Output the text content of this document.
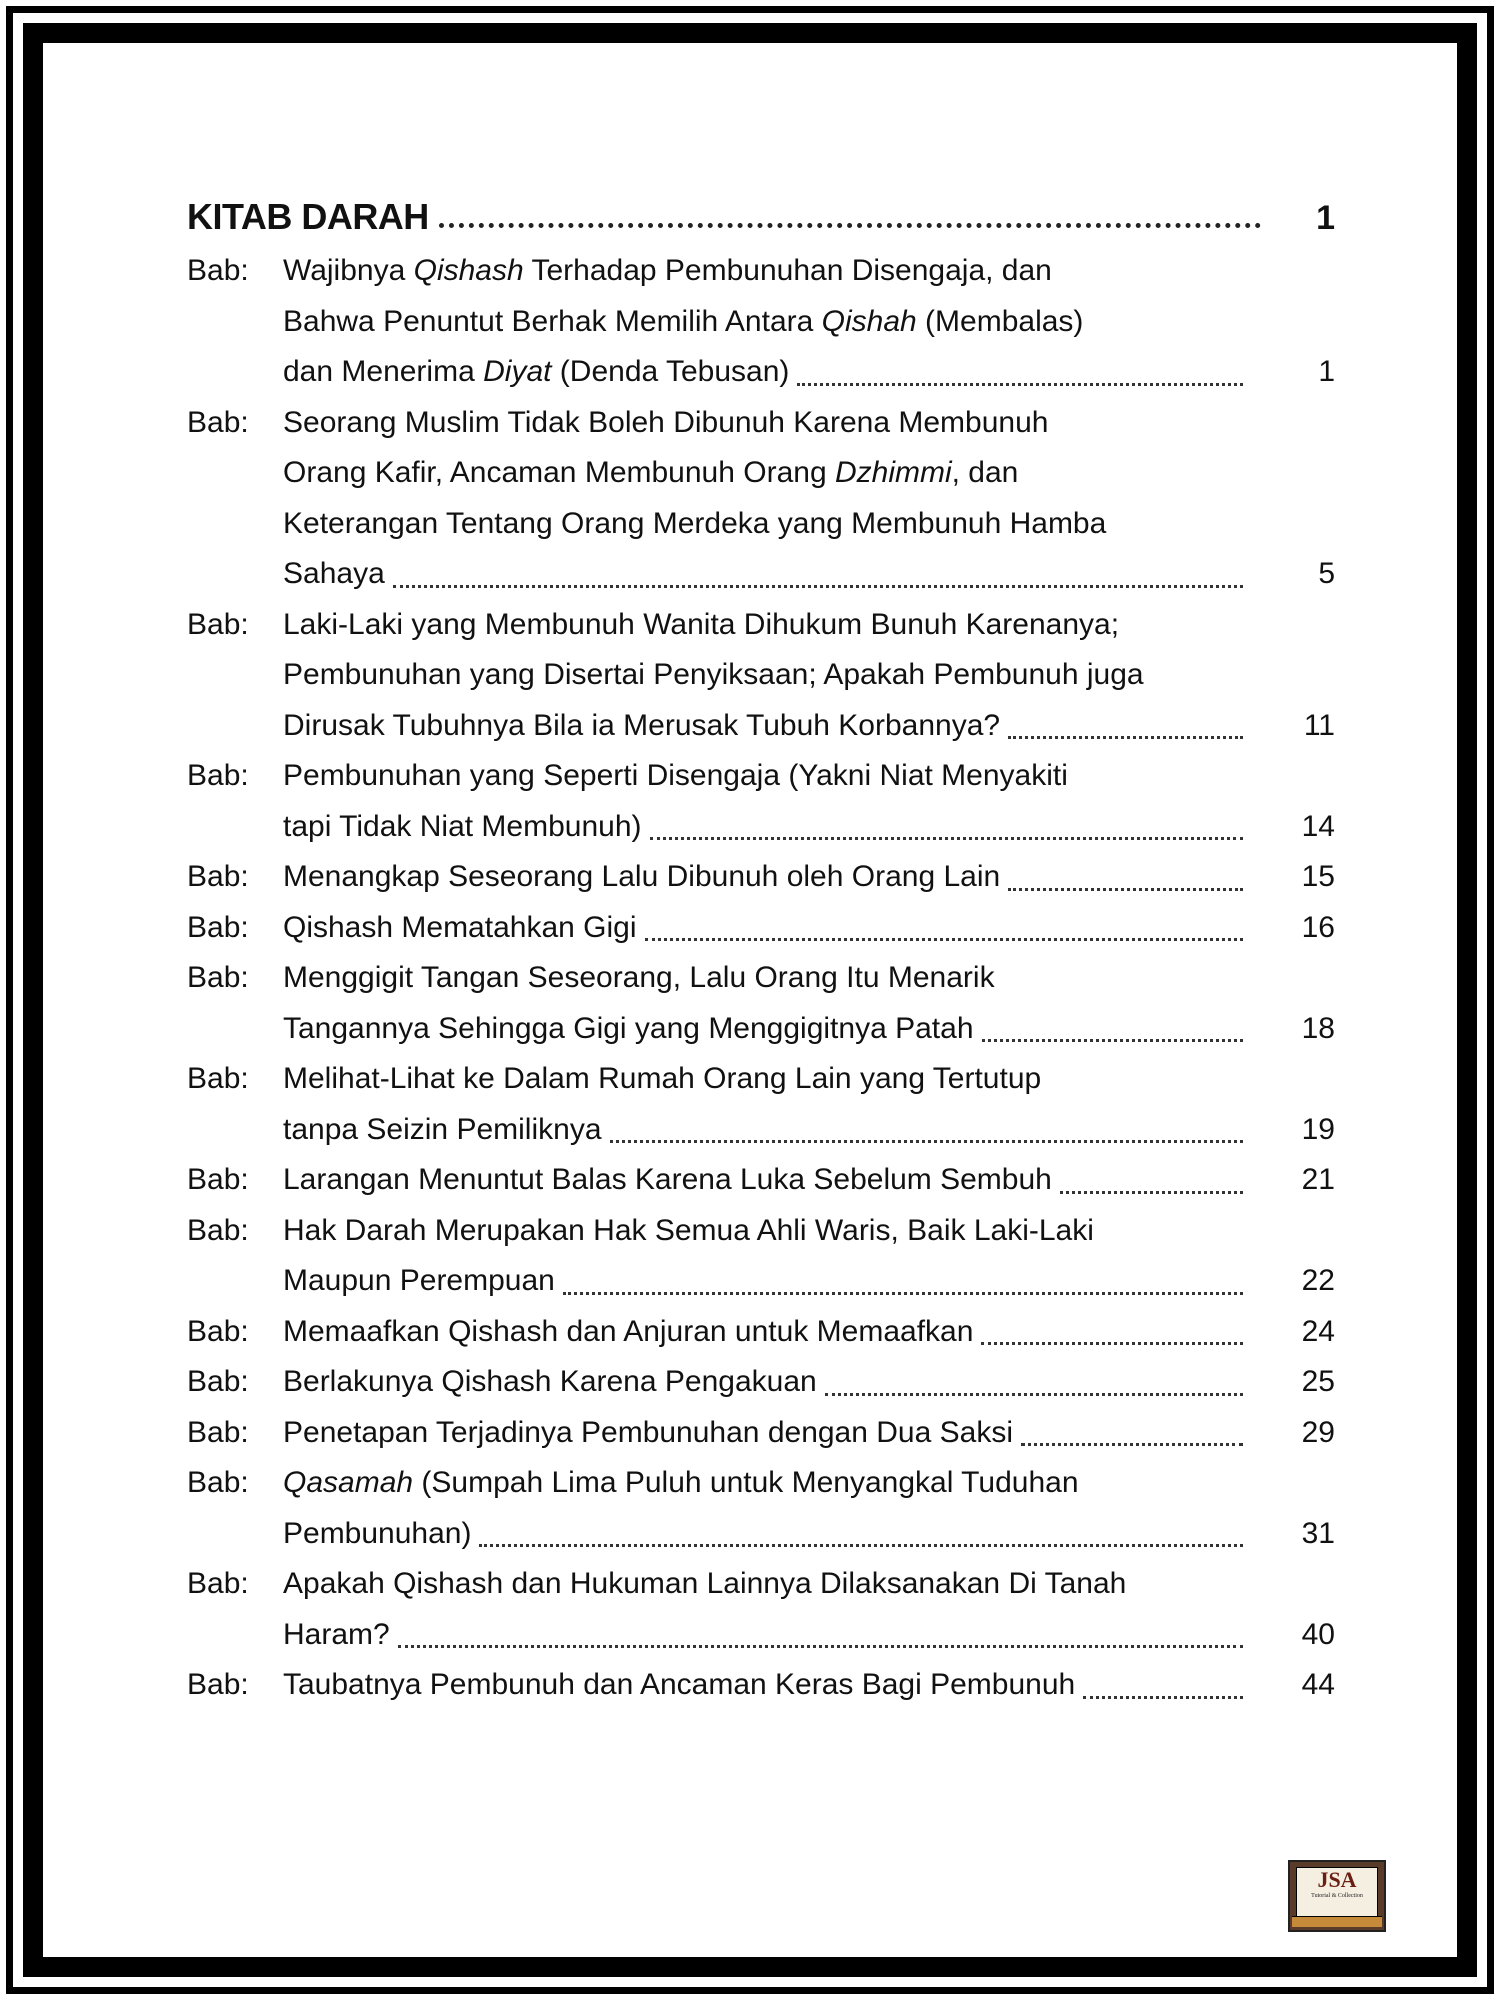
KITAB DARAH	1
Bab:	Wajibnya Qishash Terhadap Pembunuhan Disengaja, dan
Bahwa Penuntut Berhak Memilih Antara Qishah (Membalas)
dan Menerima Diyat (Denda Tebusan)	1
Bab:	Seorang Muslim Tidak Boleh Dibunuh Karena Membunuh
Orang Kafir, Ancaman Membunuh Orang Dzhimmi, dan
Keterangan Tentang Orang Merdeka yang Membunuh Hamba
Sahaya	5
Bab:	Laki-Laki yang Membunuh Wanita Dihukum Bunuh Karenanya;
Pembunuhan yang Disertai Penyiksaan; Apakah Pembunuh juga
Dirusak Tubuhnya Bila ia Merusak Tubuh Korbannya?	11
Bab:	Pembunuhan yang Seperti Disengaja (Yakni Niat Menyakiti
tapi Tidak Niat Membunuh)	14
Bab:	Menangkap Seseorang Lalu Dibunuh oleh Orang Lain	15
Bab:	Qishash Mematahkan Gigi	16
Bab:	Menggigit Tangan Seseorang, Lalu Orang Itu Menarik
Tangannya Sehingga Gigi yang Menggigitnya Patah	18
Bab:	Melihat-Lihat ke Dalam Rumah Orang Lain yang Tertutup
tanpa Seizin Pemiliknya	19
Bab:	Larangan Menuntut Balas Karena Luka Sebelum Sembuh	21
Bab:	Hak Darah Merupakan Hak Semua Ahli Waris, Baik Laki-Laki
Maupun Perempuan	22
Bab:	Memaafkan Qishash dan Anjuran untuk Memaafkan	24
Bab:	Berlakunya Qishash Karena Pengakuan	25
Bab:	Penetapan Terjadinya Pembunuhan dengan Dua Saksi	29
Bab:	Qasamah (Sumpah Lima Puluh untuk Menyangkal Tuduhan
Pembunuhan)	31
Bab:	Apakah Qishash dan Hukuman Lainnya Dilaksanakan Di Tanah
Haram?	40
Bab:	Taubatnya Pembunuh dan Ancaman Keras Bagi Pembunuh	44
JSA
Tutorial & Collection
